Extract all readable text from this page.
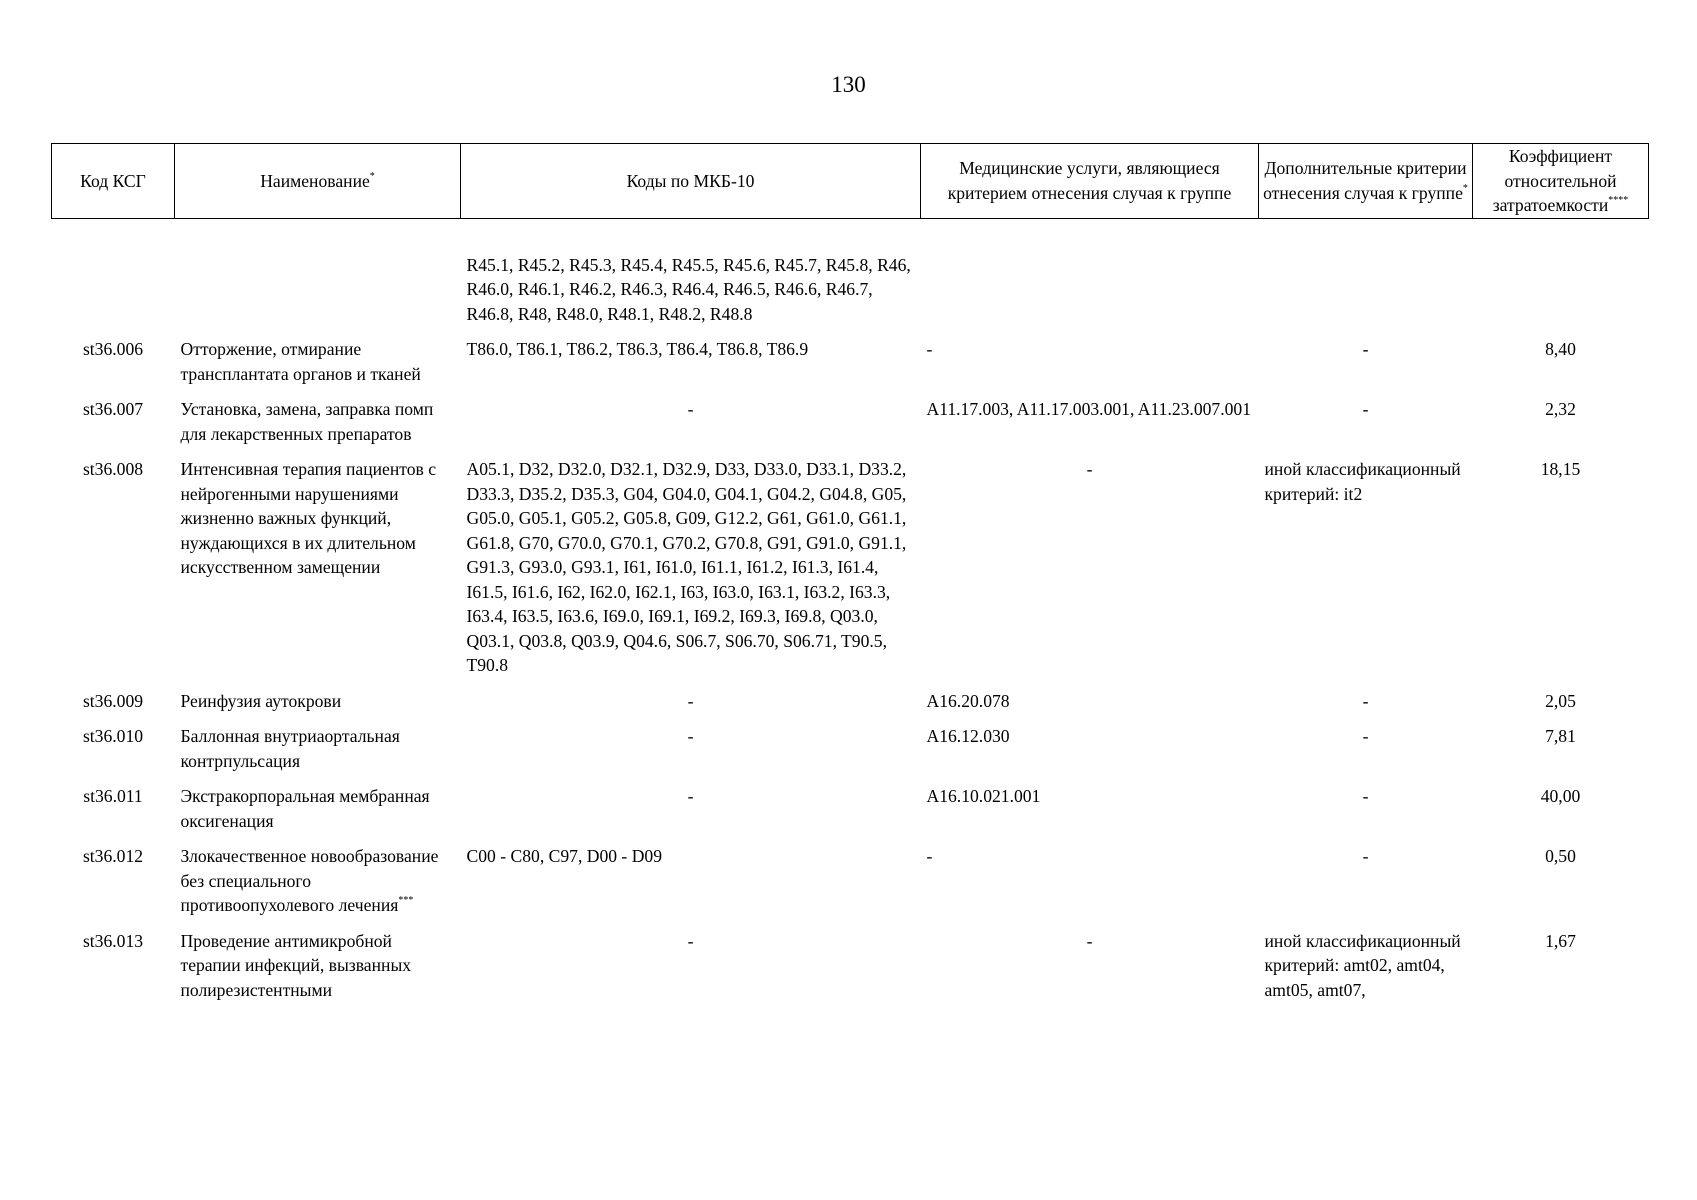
130
Код КСГ	Наименование*	Коды по МКБ-10	Медицинские услуги, являющиеся критерием отнесения случая к группе	Дополнительные критерии отнесения случая к группе*	Коэффициент относительной затратоемкости****
		R45.1, R45.2, R45.3, R45.4, R45.5, R45.6, R45.7, R45.8, R46, R46.0, R46.1, R46.2, R46.3, R46.4, R46.5, R46.6, R46.7, R46.8, R48, R48.0, R48.1, R48.2, R48.8			
st36.006	Отторжение, отмирание трансплантата органов и тканей	T86.0, T86.1, T86.2, T86.3, T86.4, T86.8, T86.9	-	-	8,40
st36.007	Установка, замена, заправка помп для лекарственных препаратов	-	A11.17.003, A11.17.003.001, A11.23.007.001	-	2,32
st36.008	Интенсивная терапия пациентов с нейрогенными нарушениями жизненно важных функций, нуждающихся в их длительном искусственном замещении	A05.1, D32, D32.0, D32.1, D32.9, D33, D33.0, D33.1, D33.2, D33.3, D35.2, D35.3, G04, G04.0, G04.1, G04.2, G04.8, G05, G05.0, G05.1, G05.2, G05.8, G09, G12.2, G61, G61.0, G61.1, G61.8, G70, G70.0, G70.1, G70.2, G70.8, G91, G91.0, G91.1, G91.3, G93.0, G93.1, I61, I61.0, I61.1, I61.2, I61.3, I61.4, I61.5, I61.6, I62, I62.0, I62.1, I63, I63.0, I63.1, I63.2, I63.3, I63.4, I63.5, I63.6, I69.0, I69.1, I69.2, I69.3, I69.8, Q03.0, Q03.1, Q03.8, Q03.9, Q04.6, S06.7, S06.70, S06.71, T90.5, T90.8	-	иной классификационный критерий: it2	18,15
st36.009	Реинфузия аутокрови	-	A16.20.078	-	2,05
st36.010	Баллонная внутриаортальная контрпульсация	-	A16.12.030	-	7,81
st36.011	Экстракорпоральная мембранная оксигенация	-	A16.10.021.001	-	40,00
st36.012	Злокачественное новообразование без специального противоопухолевого лечения***	C00 - C80, C97, D00 - D09	-	-	0,50
st36.013	Проведение антимикробной терапии инфекций, вызванных полирезистентными	-	-	иной классификационный критерий: amt02, amt04, amt05, amt07,	1,67
